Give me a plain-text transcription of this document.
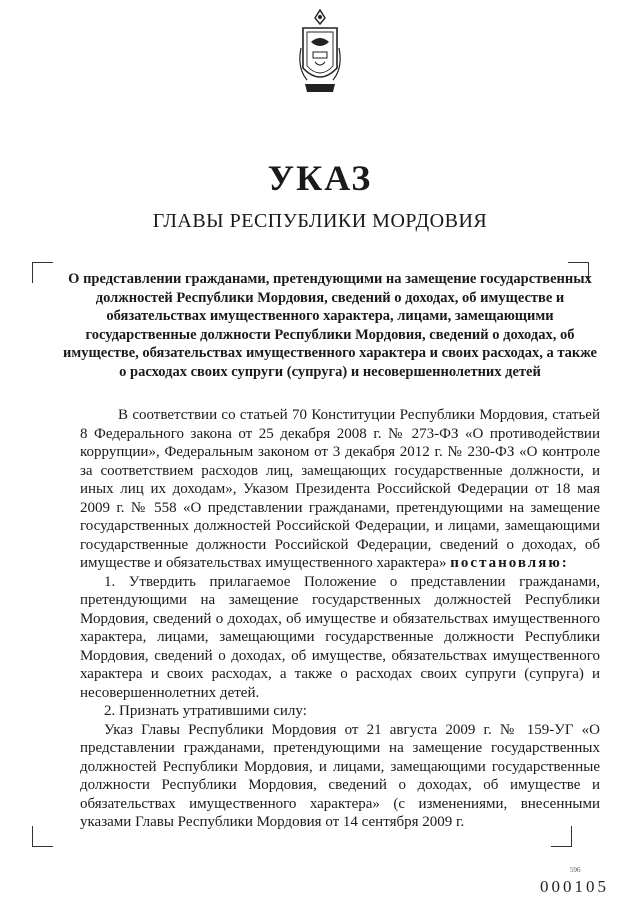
УКАЗ
ГЛАВЫ РЕСПУБЛИКИ МОРДОВИЯ
О представлении гражданами, претендующими на замещение государственных должностей Республики Мордовия, сведений о доходах, об имуществе и обязательствах имущественного характера, лицами, замещающими государственные должности Республики Мордовия, сведений о доходах, об имуществе, обязательствах имущественного характера и своих расходах, а также о расходах своих супруги (супруга) и несовершеннолетних детей

В соответствии со статьей 70 Конституции Республики Мордовия, статьей 8 Федерального закона от 25 декабря 2008 г. № 273-ФЗ «О противодействии коррупции», Федеральным законом от 3 декабря 2012 г. № 230-ФЗ «О контроле за соответствием расходов лиц, замещающих государственные должности, и иных лиц их доходам», Указом Президента Российской Федерации от 18 мая 2009 г. № 558 «О представлении гражданами, претендующими на замещение государственных должностей Российской Федерации, и лицами, замещающими государственные должности Российской Федерации, сведений о доходах, об имуществе и обязательствах имущественного характера» постановляю:

1. Утвердить прилагаемое Положение о представлении гражданами, претендующими на замещение государственных должностей Республики Мордовия, сведений о доходах, об имуществе и обязательствах имущественного характера, лицами, замещающими государственные должности Республики Мордовия, сведений о доходах, об имуществе, обязательствах имущественного характера и своих расходах, а также о расходах своих супруги (супруга) и несовершеннолетних детей.

2. Признать утратившими силу:

Указ Главы Республики Мордовия от 21 августа 2009 г. № 159-УГ «О представлении гражданами, претендующими на замещение государственных должностей Республики Мордовия, и лицами, замещающими государственные должности Республики Мордовия, сведений о доходах, об имуществе и обязательствах имущественного характера» (с изменениями, внесенными указами Главы Республики Мордовия от 14 сентября 2009 г.

596
000105
